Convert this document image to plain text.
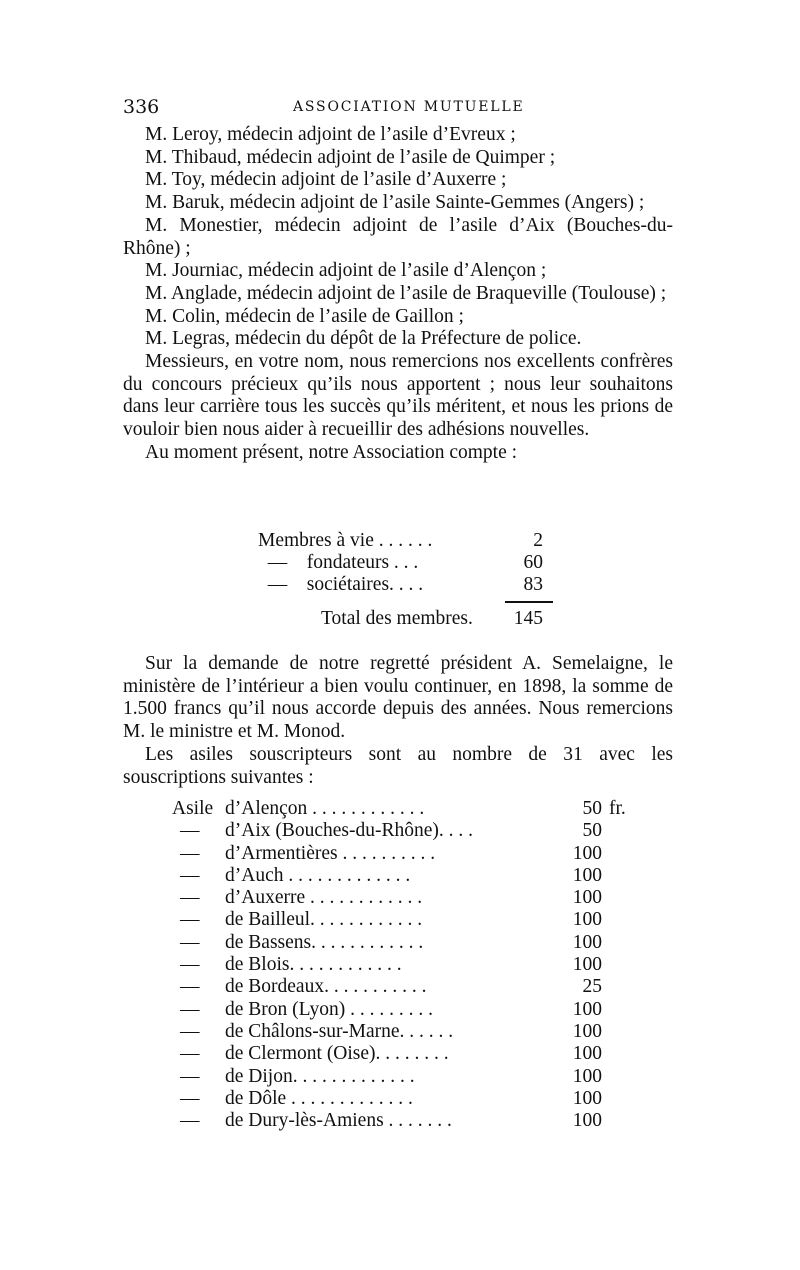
336	ASSOCIATION MUTUELLE

M. Leroy, médecin adjoint de l’asile d’Evreux ;

M. Thibaud, médecin adjoint de l’asile de Quimper ;

M. Toy, médecin adjoint de l’asile d’Auxerre ;

M. Baruk, médecin adjoint de l’asile Sainte-Gemmes (Angers) ;

M. Monestier, médecin adjoint de l’asile d’Aix (Bouches-du-Rhône) ;

M. Journiac, médecin adjoint de l’asile d’Alençon ;

M. Anglade, médecin adjoint de l’asile de Braqueville (Toulouse) ;

M. Colin, médecin de l’asile de Gaillon ;

M. Legras, médecin du dépôt de la Préfecture de police.

Messieurs, en votre nom, nous remercions nos excellents confrères du concours précieux qu’ils nous apportent ; nous leur souhaitons dans leur carrière tous les succès qu’ils méritent, et nous les prions de vouloir bien nous aider à recueillir des adhésions nouvelles.

Au moment présent, notre Association compte :

Membres à vie . . . . . .	2
—    fondateurs . . .	60
—    sociétaires. . . .	83
Total des membres. 145

Sur la demande de notre regretté président A. Semelaigne, le ministère de l’intérieur a bien voulu continuer, en 1898, la somme de 1.500 francs qu’il nous accorde depuis des années. Nous remercions M. le ministre et M. Monod.

Les asiles souscripteurs sont au nombre de 31 avec les souscriptions suivantes :

Asile d’Alençon . . . . . . . . . . . .	50 fr.
—	d’Aix (Bouches-du-Rhône). . . .	50
—	d’Armentières . . . . . . . . . .	100
—	d’Auch . . . . . . . . . . . . .	100
—	d’Auxerre . . . . . . . . . . . .	100
—	de Bailleul. . . . . . . . . . . .	100
—	de Bassens. . . . . . . . . . . .	100
—	de Blois. . . . . . . . . . . .	100
—	de Bordeaux. . . . . . . . . . .	25
—	de Bron (Lyon) . . . . . . . . .	100
—	de Châlons-sur-Marne. . . . . .	100
—	de Clermont (Oise). . . . . . . .	100
—	de Dijon. . . . . . . . . . . . .	100
—	de Dôle . . . . . . . . . . . . .	100
—	de Dury-lès-Amiens . . . . . . .	100
